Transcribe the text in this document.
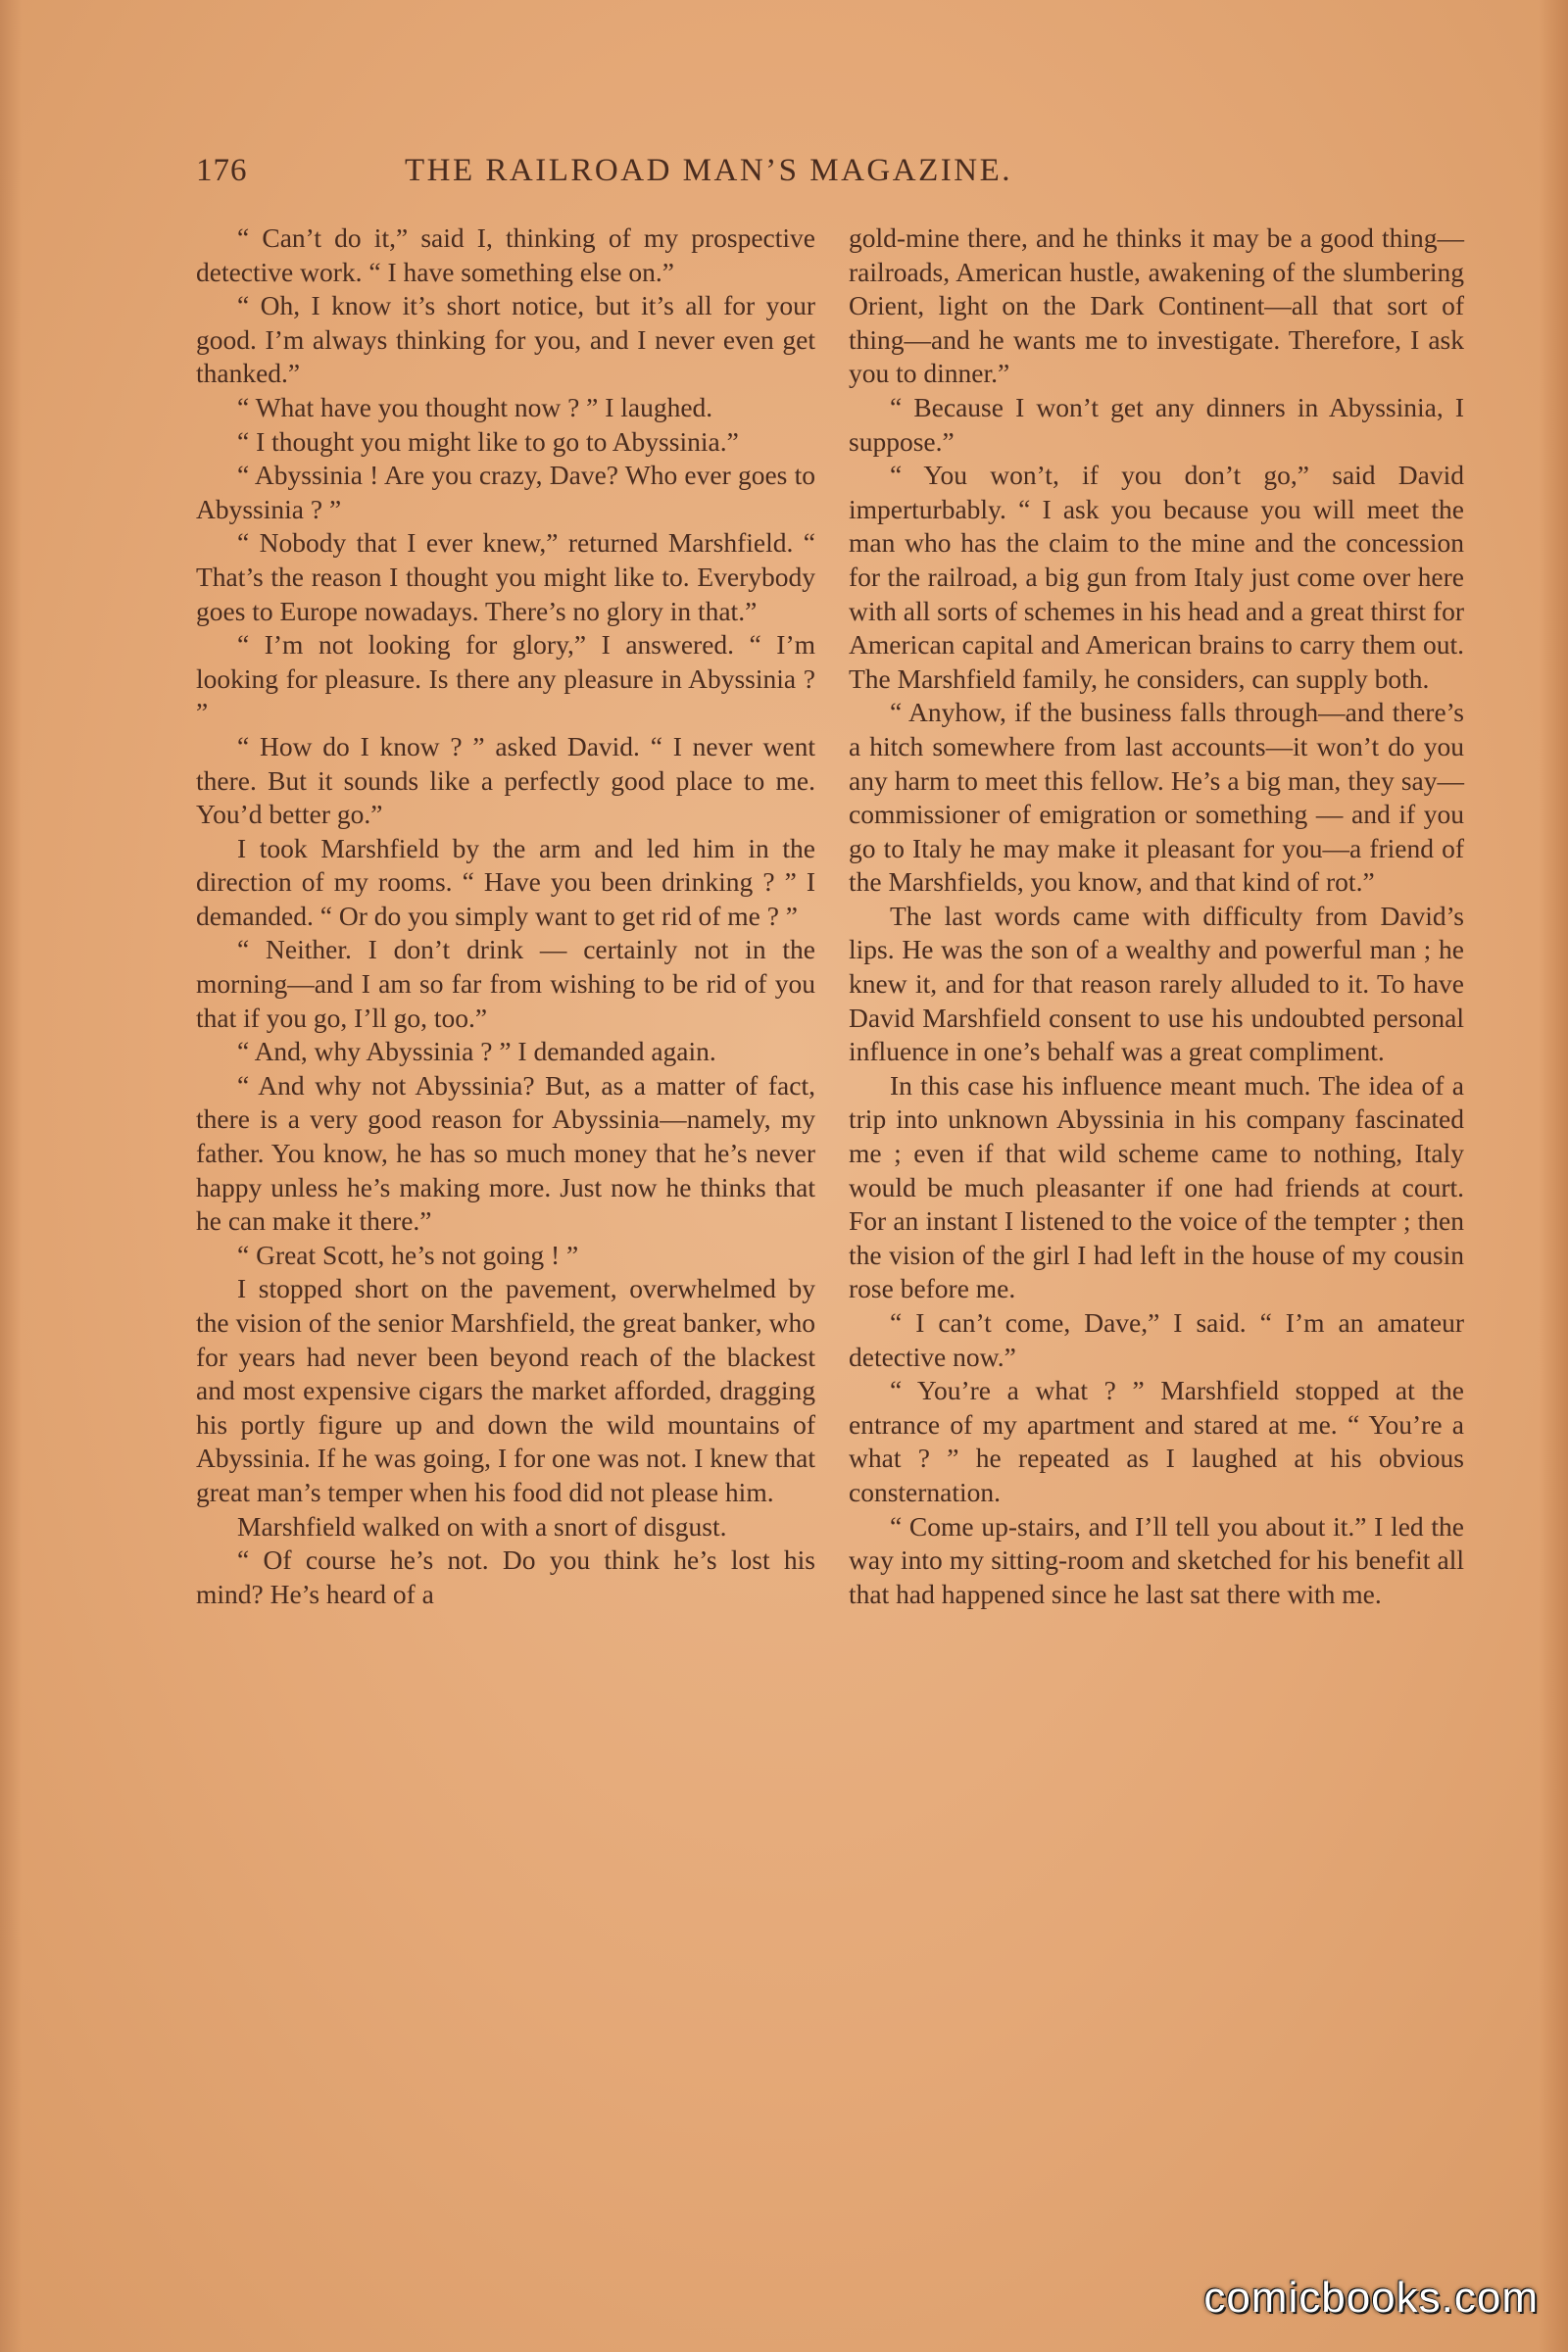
176	THE RAILROAD MAN’S MAGAZINE.

“ Can’t do it,” said I, thinking of my prospective detective work. “ I have something else on.”

“ Oh, I know it’s short notice, but it’s all for your good. I’m always thinking for you, and I never even get thanked.”

“ What have you thought now ? ” I laughed.

“ I thought you might like to go to Abyssinia.”

“ Abyssinia ! Are you crazy, Dave? Who ever goes to Abyssinia ? ”

“ Nobody that I ever knew,” returned Marshfield. “ That’s the reason I thought you might like to. Everybody goes to Europe nowadays. There’s no glory in that.”

“ I’m not looking for glory,” I answered. “ I’m looking for pleasure. Is there any pleasure in Abyssinia ? ”

“ How do I know ? ” asked David. “ I never went there. But it sounds like a perfectly good place to me. You’d better go.”

I took Marshfield by the arm and led him in the direction of my rooms. “ Have you been drinking ? ” I demanded. “ Or do you simply want to get rid of me ? ”

“ Neither. I don’t drink — certainly not in the morning—and I am so far from wishing to be rid of you that if you go, I’ll go, too.”

“ And, why Abyssinia ? ” I demanded again.

“ And why not Abyssinia? But, as a matter of fact, there is a very good reason for Abyssinia—namely, my father. You know, he has so much money that he’s never happy unless he’s making more. Just now he thinks that he can make it there.”

“ Great Scott, he’s not going ! ”

I stopped short on the pavement, overwhelmed by the vision of the senior Marshfield, the great banker, who for years had never been beyond reach of the blackest and most expensive cigars the market afforded, dragging his portly figure up and down the wild mountains of Abyssinia. If he was going, I for one was not. I knew that great man’s temper when his food did not please him.

Marshfield walked on with a snort of disgust.

“ Of course he’s not. Do you think he’s lost his mind? He’s heard of a

gold-mine there, and he thinks it may be a good thing—railroads, American hustle, awakening of the slumbering Orient, light on the Dark Continent—all that sort of thing—and he wants me to investigate. Therefore, I ask you to dinner.”

“ Because I won’t get any dinners in Abyssinia, I suppose.”

“ You won’t, if you don’t go,” said David imperturbably. “ I ask you because you will meet the man who has the claim to the mine and the concession for the railroad, a big gun from Italy just come over here with all sorts of schemes in his head and a great thirst for American capital and American brains to carry them out. The Marshfield family, he considers, can supply both.

“ Anyhow, if the business falls through—and there’s a hitch somewhere from last accounts—it won’t do you any harm to meet this fellow. He’s a big man, they say—commissioner of emigration or something — and if you go to Italy he may make it pleasant for you—a friend of the Marshfields, you know, and that kind of rot.”

The last words came with difficulty from David’s lips. He was the son of a wealthy and powerful man ; he knew it, and for that reason rarely alluded to it. To have David Marshfield consent to use his undoubted personal influence in one’s behalf was a great compliment.

In this case his influence meant much. The idea of a trip into unknown Abyssinia in his company fascinated me ; even if that wild scheme came to nothing, Italy would be much pleasanter if one had friends at court. For an instant I listened to the voice of the tempter ; then the vision of the girl I had left in the house of my cousin rose before me.

“ I can’t come, Dave,” I said. “ I’m an amateur detective now.”

“ You’re a what ? ” Marshfield stopped at the entrance of my apartment and stared at me. “ You’re a what ? ” he repeated as I laughed at his obvious consternation.

“ Come up-stairs, and I’ll tell you about it.” I led the way into my sitting-room and sketched for his benefit all that had happened since he last sat there with me.

comicbooks.com
